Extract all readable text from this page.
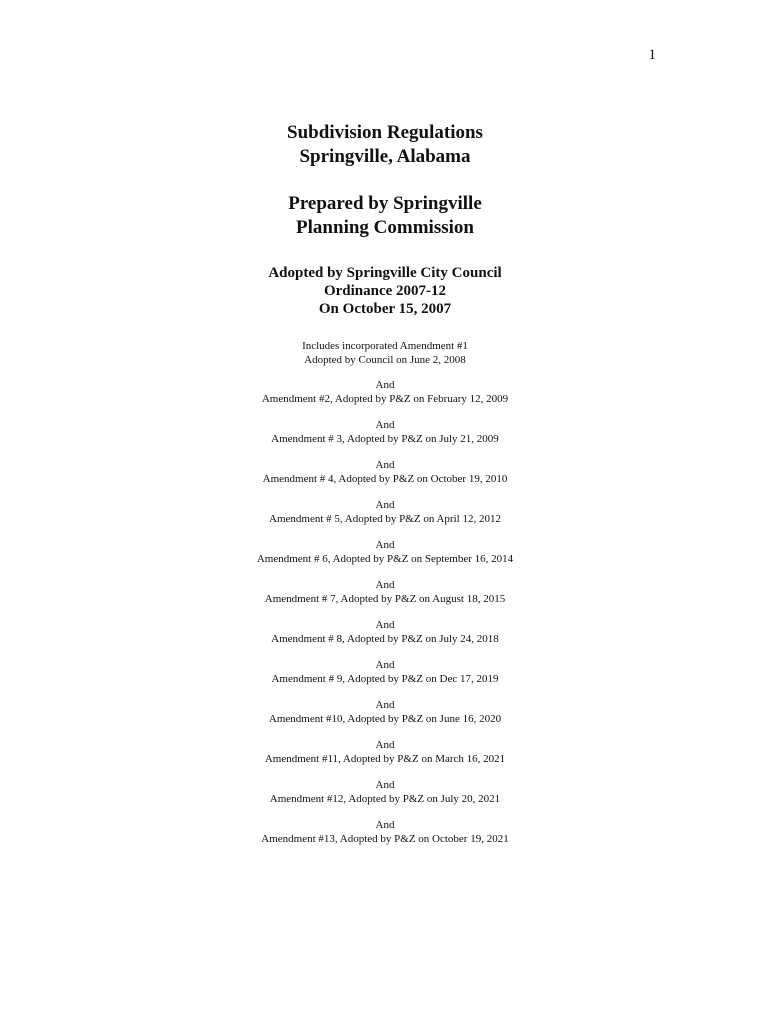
1
Subdivision Regulations
Springville, Alabama
Prepared by Springville
Planning Commission
Adopted by Springville City Council
Ordinance 2007-12
On October 15, 2007
Includes incorporated Amendment #1
Adopted by Council on June 2, 2008
And
Amendment #2, Adopted by P&Z on February 12, 2009
And
Amendment # 3, Adopted by P&Z on July 21, 2009
And
Amendment # 4, Adopted by P&Z on October 19, 2010
And
Amendment # 5, Adopted by P&Z on April 12, 2012
And
Amendment # 6, Adopted by P&Z on September 16, 2014
And
Amendment # 7, Adopted by P&Z on August 18, 2015
And
Amendment # 8, Adopted by P&Z on July 24, 2018
And
Amendment # 9, Adopted by P&Z on Dec 17, 2019
And
Amendment #10, Adopted by P&Z on June 16, 2020
And
Amendment #11, Adopted by P&Z on March 16, 2021
And
Amendment #12, Adopted by P&Z on July 20, 2021
And
Amendment #13, Adopted by P&Z on October 19, 2021
